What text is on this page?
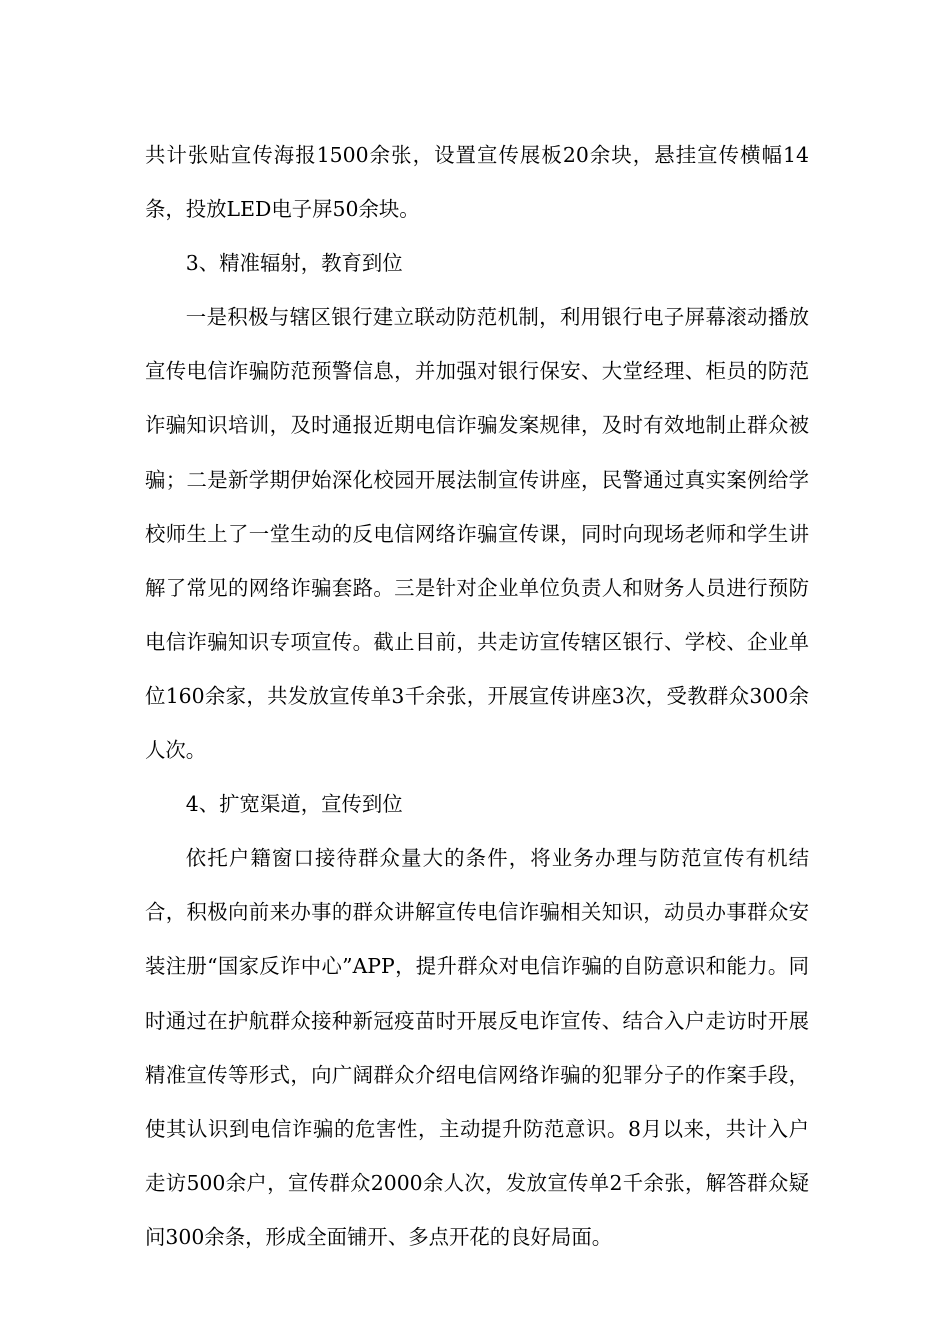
共计张贴宣传海报1500余张，设置宣传展板20余块，悬挂宣传横幅14条，投放LED电子屏50余块。

3、精准辐射，教育到位

一是积极与辖区银行建立联动防范机制，利用银行电子屏幕滚动播放宣传电信诈骗防范预警信息，并加强对银行保安、大堂经理、柜员的防范诈骗知识培训，及时通报近期电信诈骗发案规律，及时有效地制止群众被骗；二是新学期伊始深化校园开展法制宣传讲座，民警通过真实案例给学校师生上了一堂生动的反电信网络诈骗宣传课，同时向现场老师和学生讲解了常见的网络诈骗套路。三是针对企业单位负责人和财务人员进行预防电信诈骗知识专项宣传。截止目前，共走访宣传辖区银行、学校、企业单位160余家，共发放宣传单3千余张，开展宣传讲座3次，受教群众300余人次。

4、扩宽渠道，宣传到位

依托户籍窗口接待群众量大的条件，将业务办理与防范宣传有机结合，积极向前来办事的群众讲解宣传电信诈骗相关知识，动员办事群众安装注册“国家反诈中心”APP，提升群众对电信诈骗的自防意识和能力。同时通过在护航群众接种新冠疫苗时开展反电诈宣传、结合入户走访时开展精准宣传等形式，向广阔群众介绍电信网络诈骗的犯罪分子的作案手段，使其认识到电信诈骗的危害性，主动提升防范意识。8月以来，共计入户走访500余户，宣传群众2000余人次，发放宣传单2千余张，解答群众疑问300余条，形成全面铺开、多点开花的良好局面。
